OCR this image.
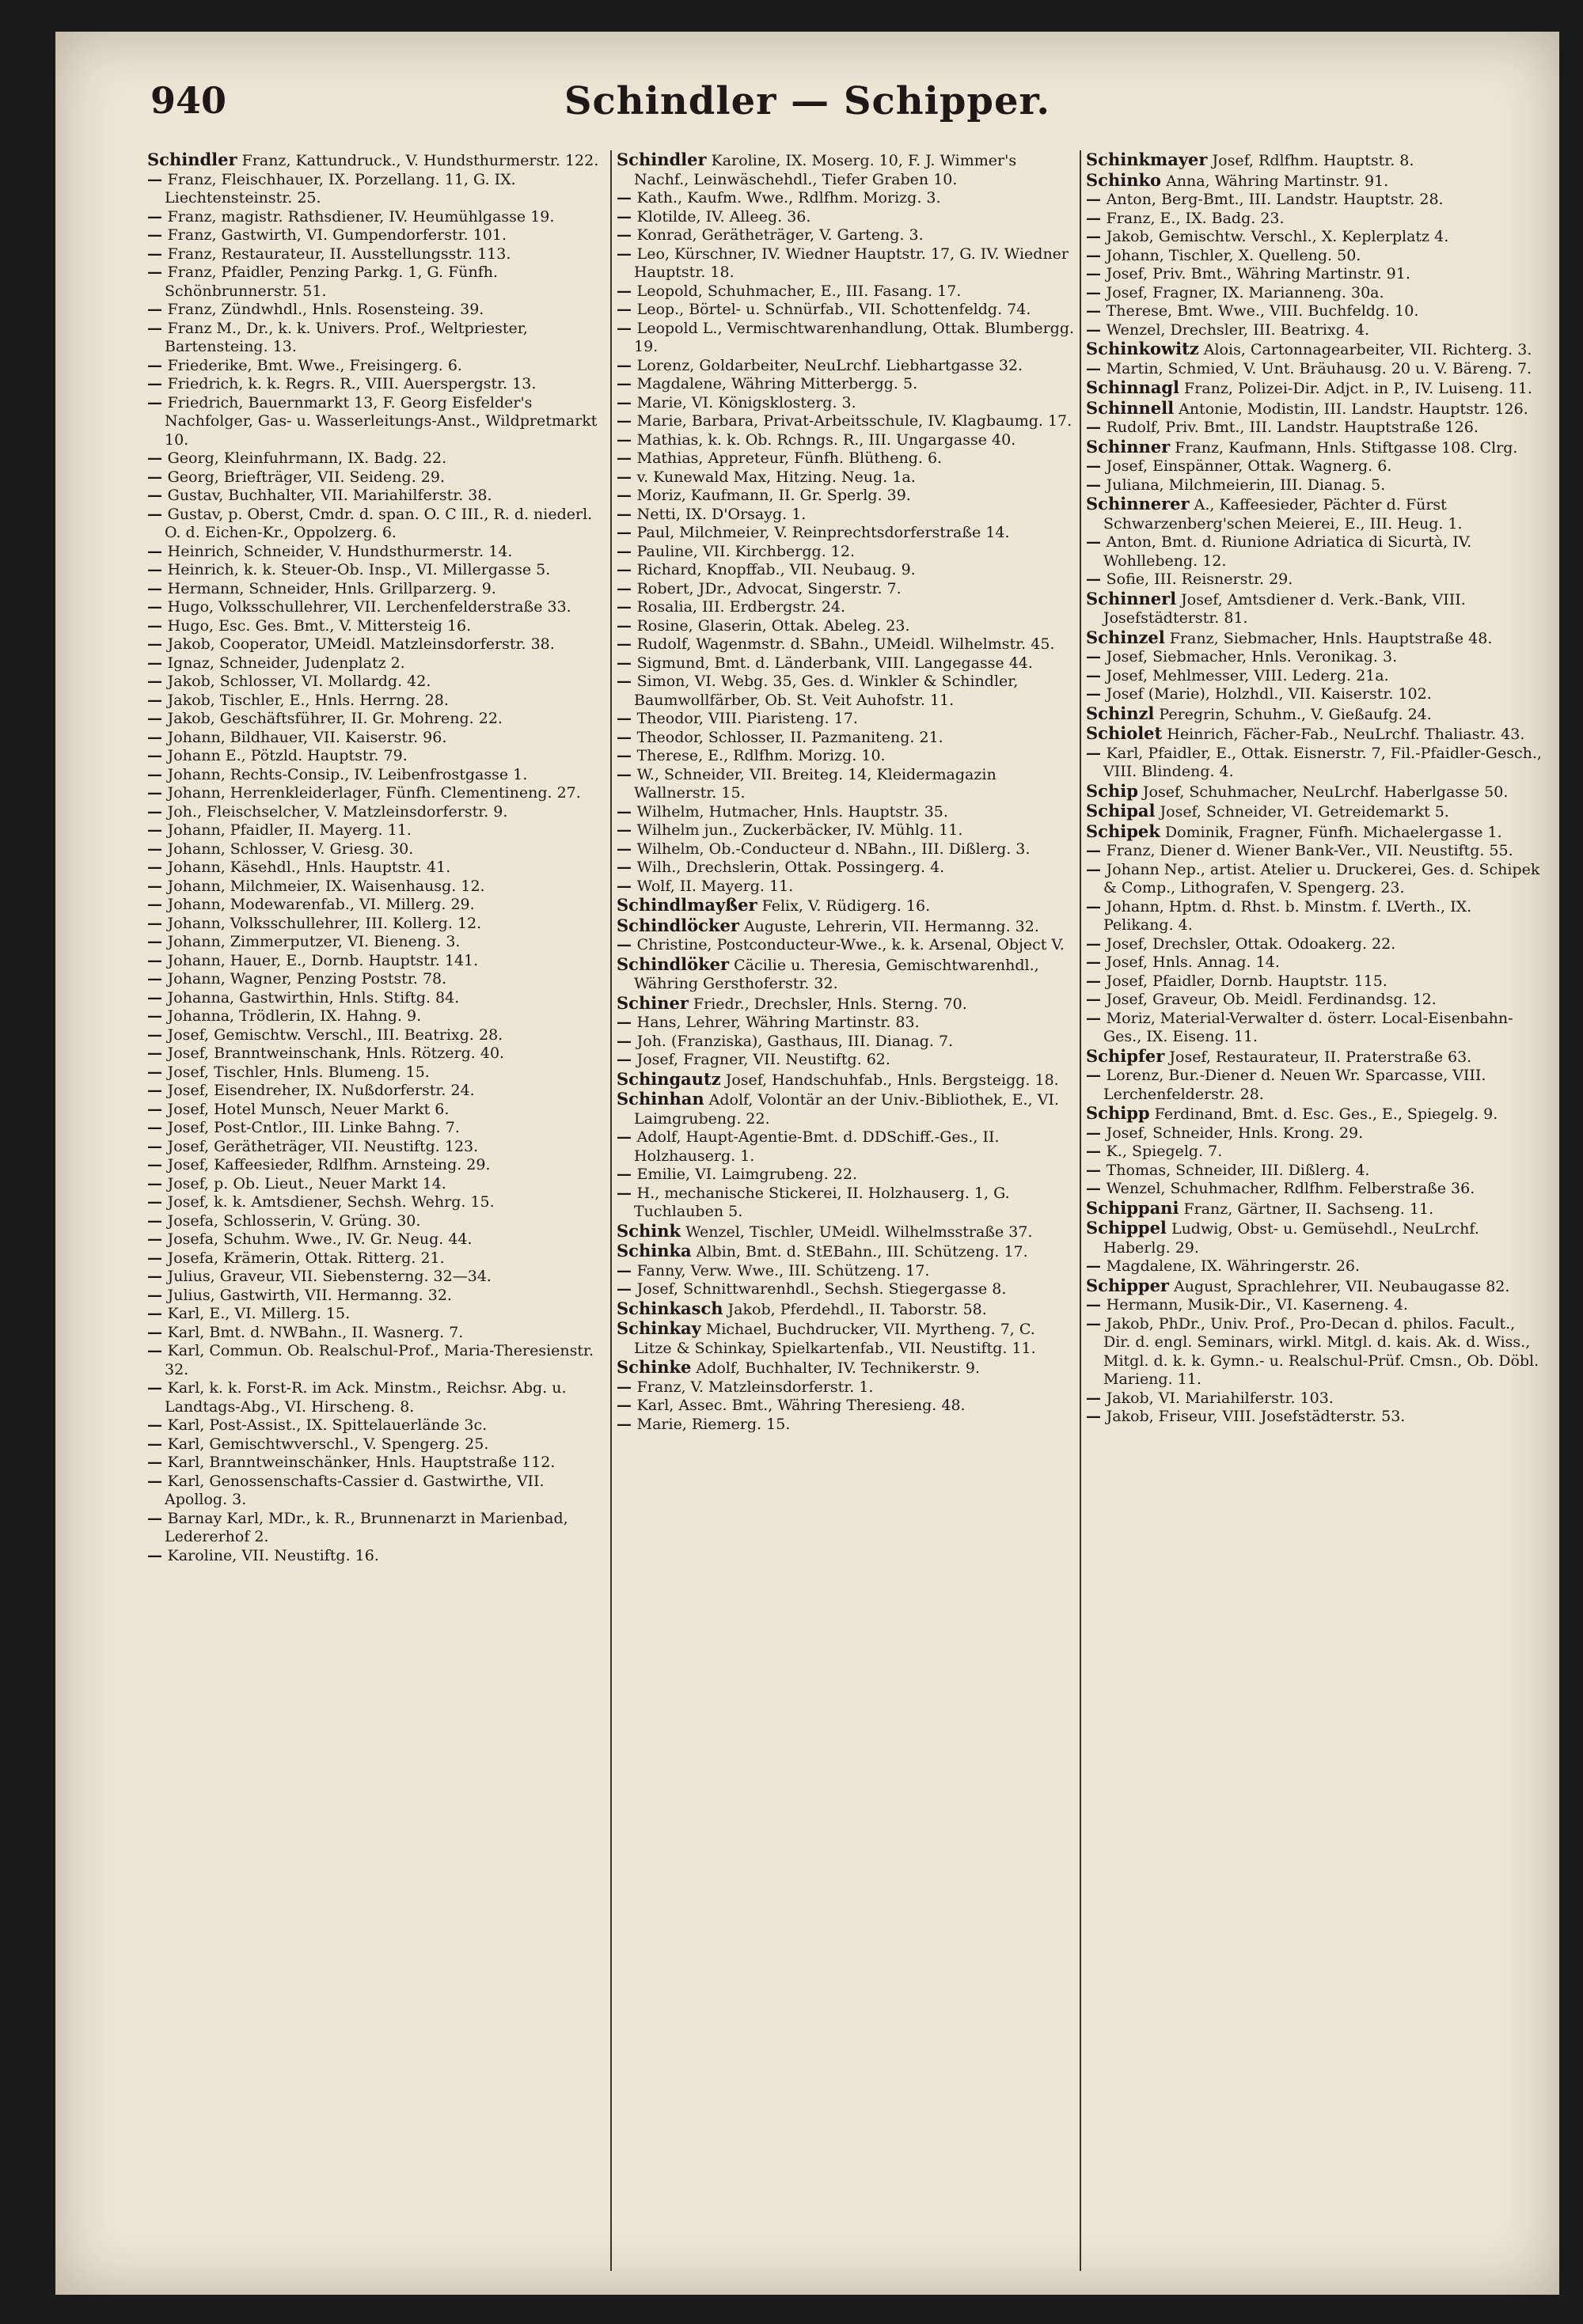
940	Schindler — Schipper.

Schindler Franz, Kattundruck., V. Hundsthurmerstr. 122.

— Franz, Fleischhauer, IX. Porzellang. 11, G. IX. Liechtensteinstr. 25.

— Franz, magistr. Rathsdiener, IV. Heumühlgasse 19.

— Franz, Gastwirth, VI. Gumpendorferstr. 101.

— Franz, Restaurateur, II. Ausstellungsstr. 113.

— Franz, Pfaidler, Penzing Parkg. 1, G. Fünfh. Schönbrunnerstr. 51.

— Franz, Zündwhdl., Hnls. Rosensteing. 39.

— Franz M., Dr., k. k. Univers. Prof., Weltpriester, Bartensteing. 13.

— Friederike, Bmt. Wwe., Freisingerg. 6.

— Friedrich, k. k. Regrs. R., VIII. Auerspergstr. 13.

— Friedrich, Bauernmarkt 13, F. Georg Eisfelder's Nachfolger, Gas- u. Wasserleitungs-Anst., Wildpretmarkt 10.

— Georg, Kleinfuhrmann, IX. Badg. 22.

— Georg, Briefträger, VII. Seideng. 29.

— Gustav, Buchhalter, VII. Mariahilferstr. 38.

— Gustav, p. Oberst, Cmdr. d. span. O. C III., R. d. niederl. O. d. Eichen-Kr., Oppolzerg. 6.

— Heinrich, Schneider, V. Hundsthurmerstr. 14.

— Heinrich, k. k. Steuer-Ob. Insp., VI. Millergasse 5.

— Hermann, Schneider, Hnls. Grillparzerg. 9.

— Hugo, Volksschullehrer, VII. Lerchenfelderstraße 33.

— Hugo, Esc. Ges. Bmt., V. Mittersteig 16.

— Jakob, Cooperator, UMeidl. Matzleinsdorferstr. 38.

— Ignaz, Schneider, Judenplatz 2.

— Jakob, Schlosser, VI. Mollardg. 42.

— Jakob, Tischler, E., Hnls. Herrng. 28.

— Jakob, Geschäftsführer, II. Gr. Mohreng. 22.

— Johann, Bildhauer, VII. Kaiserstr. 96.

— Johann E., Pötzld. Hauptstr. 79.

— Johann, Rechts-Consip., IV. Leibenfrostgasse 1.

— Johann, Herrenkleiderlager, Fünfh. Clementineng. 27.

— Joh., Fleischselcher, V. Matzleinsdorferstr. 9.

— Johann, Pfaidler, II. Mayerg. 11.

— Johann, Schlosser, V. Griesg. 30.

— Johann, Käsehdl., Hnls. Hauptstr. 41.

— Johann, Milchmeier, IX. Waisenhausg. 12.

— Johann, Modewarenfab., VI. Millerg. 29.

— Johann, Volksschullehrer, III. Kollerg. 12.

— Johann, Zimmerputzer, VI. Bieneng. 3.

— Johann, Hauer, E., Dornb. Hauptstr. 141.

— Johann, Wagner, Penzing Poststr. 78.

— Johanna, Gastwirthin, Hnls. Stiftg. 84.

— Johanna, Trödlerin, IX. Hahng. 9.

— Josef, Gemischtw. Verschl., III. Beatrixg. 28.

— Josef, Branntweinschank, Hnls. Rötzerg. 40.

— Josef, Tischler, Hnls. Blumeng. 15.

— Josef, Eisendreher, IX. Nußdorferstr. 24.

— Josef, Hotel Munsch, Neuer Markt 6.

— Josef, Post-Cntlor., III. Linke Bahng. 7.

— Josef, Gerätheträger, VII. Neustiftg. 123.

— Josef, Kaffeesieder, Rdlfhm. Arnsteing. 29.

— Josef, p. Ob. Lieut., Neuer Markt 14.

— Josef, k. k. Amtsdiener, Sechsh. Wehrg. 15.

— Josefa, Schlosserin, V. Grüng. 30.

— Josefa, Schuhm. Wwe., IV. Gr. Neug. 44.

— Josefa, Krämerin, Ottak. Ritterg. 21.

— Julius, Graveur, VII. Siebensterng. 32—34.

— Julius, Gastwirth, VII. Hermanng. 32.

— Karl, E., VI. Millerg. 15.

— Karl, Bmt. d. NWBahn., II. Wasnerg. 7.

— Karl, Commun. Ob. Realschul-Prof., Maria-Theresienstr. 32.

— Karl, k. k. Forst-R. im Ack. Minstm., Reichsr. Abg. u. Landtags-Abg., VI. Hirscheng. 8.

— Karl, Post-Assist., IX. Spittelauerlände 3c.

— Karl, Gemischtwverschl., V. Spengerg. 25.

— Karl, Branntweinschänker, Hnls. Hauptstraße 112.

— Karl, Genossenschafts-Cassier d. Gastwirthe, VII. Apollog. 3.

— Barnay Karl, MDr., k. R., Brunnenarzt in Marienbad, Ledererhof 2.

— Karoline, VII. Neustiftg. 16.

Schindler Karoline, IX. Moserg. 10, F. J. Wimmer's Nachf., Leinwäschehdl., Tiefer Graben 10.

— Kath., Kaufm. Wwe., Rdlfhm. Morizg. 3.

— Klotilde, IV. Alleeg. 36.

— Konrad, Gerätheträger, V. Garteng. 3.

— Leo, Kürschner, IV. Wiedner Hauptstr. 17, G. IV. Wiedner Hauptstr. 18.

— Leopold, Schuhmacher, E., III. Fasang. 17.

— Leop., Börtel- u. Schnürfab., VII. Schottenfeldg. 74.

— Leopold L., Vermischtwarenhandlung, Ottak. Blumbergg. 19.

— Lorenz, Goldarbeiter, NeuLrchf. Liebhartgasse 32.

— Magdalene, Währing Mitterbergg. 5.

— Marie, VI. Königsklosterg. 3.

— Marie, Barbara, Privat-Arbeitsschule, IV. Klagbaumg. 17.

— Mathias, k. k. Ob. Rchngs. R., III. Ungargasse 40.

— Mathias, Appreteur, Fünfh. Blütheng. 6.

— v. Kunewald Max, Hitzing. Neug. 1a.

— Moriz, Kaufmann, II. Gr. Sperlg. 39.

— Netti, IX. D'Orsayg. 1.

— Paul, Milchmeier, V. Reinprechtsdorferstraße 14.

— Pauline, VII. Kirchbergg. 12.

— Richard, Knopffab., VII. Neubaug. 9.

— Robert, JDr., Advocat, Singerstr. 7.

— Rosalia, III. Erdbergstr. 24.

— Rosine, Glaserin, Ottak. Abeleg. 23.

— Rudolf, Wagenmstr. d. SBahn., UMeidl. Wilhelmstr. 45.

— Sigmund, Bmt. d. Länderbank, VIII. Langegasse 44.

— Simon, VI. Webg. 35, Ges. d. Winkler & Schindler, Baumwollfärber, Ob. St. Veit Auhofstr. 11.

— Theodor, VIII. Piaristeng. 17.

— Theodor, Schlosser, II. Pazmaniteng. 21.

— Therese, E., Rdlfhm. Morizg. 10.

— W., Schneider, VII. Breiteg. 14, Kleidermagazin Wallnerstr. 15.

— Wilhelm, Hutmacher, Hnls. Hauptstr. 35.

— Wilhelm jun., Zuckerbäcker, IV. Mühlg. 11.

— Wilhelm, Ob.-Conducteur d. NBahn., III. Dißlerg. 3.

— Wilh., Drechslerin, Ottak. Possingerg. 4.

— Wolf, II. Mayerg. 11.

Schindlmayßer Felix, V. Rüdigerg. 16.

Schindlöcker Auguste, Lehrerin, VII. Hermanng. 32.

— Christine, Postconducteur-Wwe., k. k. Arsenal, Object V.

Schindlöker Cäcilie u. Theresia, Gemischtwarenhdl., Währing Gersthoferstr. 32.

Schiner Friedr., Drechsler, Hnls. Sterng. 70.

— Hans, Lehrer, Währing Martinstr. 83.

— Joh. (Franziska), Gasthaus, III. Dianag. 7.

— Josef, Fragner, VII. Neustiftg. 62.

Schingautz Josef, Handschuhfab., Hnls. Bergsteigg. 18.

Schinhan Adolf, Volontär an der Univ.-Bibliothek, E., VI. Laimgrubeng. 22.

— Adolf, Haupt-Agentie-Bmt. d. DDSchiff.-Ges., II. Holzhauserg. 1.

— Emilie, VI. Laimgrubeng. 22.

— H., mechanische Stickerei, II. Holzhauserg. 1, G. Tuchlauben 5.

Schink Wenzel, Tischler, UMeidl. Wilhelmsstraße 37.

Schinka Albin, Bmt. d. StEBahn., III. Schützeng. 17.

— Fanny, Verw. Wwe., III. Schützeng. 17.

— Josef, Schnittwarenhdl., Sechsh. Stiegergasse 8.

Schinkasch Jakob, Pferdehdl., II. Taborstr. 58.

Schinkay Michael, Buchdrucker, VII. Myrtheng. 7, C. Litze & Schinkay, Spielkartenfab., VII. Neustiftg. 11.

Schinke Adolf, Buchhalter, IV. Technikerstr. 9.

— Franz, V. Matzleinsdorferstr. 1.

— Karl, Assec. Bmt., Währing Theresieng. 48.

— Marie, Riemerg. 15.

Schinkmayer Josef, Rdlfhm. Hauptstr. 8.

Schinko Anna, Währing Martinstr. 91.

— Anton, Berg-Bmt., III. Landstr. Hauptstr. 28.

— Franz, E., IX. Badg. 23.

— Jakob, Gemischtw. Verschl., X. Keplerplatz 4.

— Johann, Tischler, X. Quelleng. 50.

— Josef, Priv. Bmt., Währing Martinstr. 91.

— Josef, Fragner, IX. Marianneng. 30a.

— Therese, Bmt. Wwe., VIII. Buchfeldg. 10.

— Wenzel, Drechsler, III. Beatrixg. 4.

Schinkowitz Alois, Cartonnagearbeiter, VII. Richterg. 3.

— Martin, Schmied, V. Unt. Bräuhausg. 20 u. V. Bäreng. 7.

Schinnagl Franz, Polizei-Dir. Adjct. in P., IV. Luiseng. 11.

Schinnell Antonie, Modistin, III. Landstr. Hauptstr. 126.

— Rudolf, Priv. Bmt., III. Landstr. Hauptstraße 126.

Schinner Franz, Kaufmann, Hnls. Stiftgasse 108. Clrg.

— Josef, Einspänner, Ottak. Wagnerg. 6.

— Juliana, Milchmeierin, III. Dianag. 5.

Schinnerer A., Kaffeesieder, Pächter d. Fürst Schwarzenberg'schen Meierei, E., III. Heug. 1.

— Anton, Bmt. d. Riunione Adriatica di Sicurtà, IV. Wohllebeng. 12.

— Sofie, III. Reisnerstr. 29.

Schinnerl Josef, Amtsdiener d. Verk.-Bank, VIII. Josefstädterstr. 81.

Schinzel Franz, Siebmacher, Hnls. Hauptstraße 48.

— Josef, Siebmacher, Hnls. Veronikag. 3.

— Josef, Mehlmesser, VIII. Lederg. 21a.

— Josef (Marie), Holzhdl., VII. Kaiserstr. 102.

Schinzl Peregrin, Schuhm., V. Gießaufg. 24.

Schiolet Heinrich, Fächer-Fab., NeuLrchf. Thaliastr. 43.

— Karl, Pfaidler, E., Ottak. Eisnerstr. 7, Fil.-Pfaidler-Gesch., VIII. Blindeng. 4.

Schip Josef, Schuhmacher, NeuLrchf. Haberlgasse 50.

Schipal Josef, Schneider, VI. Getreidemarkt 5.

Schipek Dominik, Fragner, Fünfh. Michaelergasse 1.

— Franz, Diener d. Wiener Bank-Ver., VII. Neustiftg. 55.

— Johann Nep., artist. Atelier u. Druckerei, Ges. d. Schipek & Comp., Lithografen, V. Spengerg. 23.

— Johann, Hptm. d. Rhst. b. Minstm. f. LVerth., IX. Pelikang. 4.

— Josef, Drechsler, Ottak. Odoakerg. 22.

— Josef, Hnls. Annag. 14.

— Josef, Pfaidler, Dornb. Hauptstr. 115.

— Josef, Graveur, Ob. Meidl. Ferdinandsg. 12.

— Moriz, Material-Verwalter d. österr. Local-Eisenbahn-Ges., IX. Eiseng. 11.

Schipfer Josef, Restaurateur, II. Praterstraße 63.

— Lorenz, Bur.-Diener d. Neuen Wr. Sparcasse, VIII. Lerchenfelderstr. 28.

Schipp Ferdinand, Bmt. d. Esc. Ges., E., Spiegelg. 9.

— Josef, Schneider, Hnls. Krong. 29.

— K., Spiegelg. 7.

— Thomas, Schneider, III. Dißlerg. 4.

— Wenzel, Schuhmacher, Rdlfhm. Felberstraße 36.

Schippani Franz, Gärtner, II. Sachseng. 11.

Schippel Ludwig, Obst- u. Gemüsehdl., NeuLrchf. Haberlg. 29.

— Magdalene, IX. Währingerstr. 26.

Schipper August, Sprachlehrer, VII. Neubaugasse 82.

— Hermann, Musik-Dir., VI. Kaserneng. 4.

— Jakob, PhDr., Univ. Prof., Pro-Decan d. philos. Facult., Dir. d. engl. Seminars, wirkl. Mitgl. d. kais. Ak. d. Wiss., Mitgl. d. k. k. Gymn.- u. Realschul-Prüf. Cmsn., Ob. Döbl. Marieng. 11.

— Jakob, VI. Mariahilferstr. 103.

— Jakob, Friseur, VIII. Josefstädterstr. 53.
